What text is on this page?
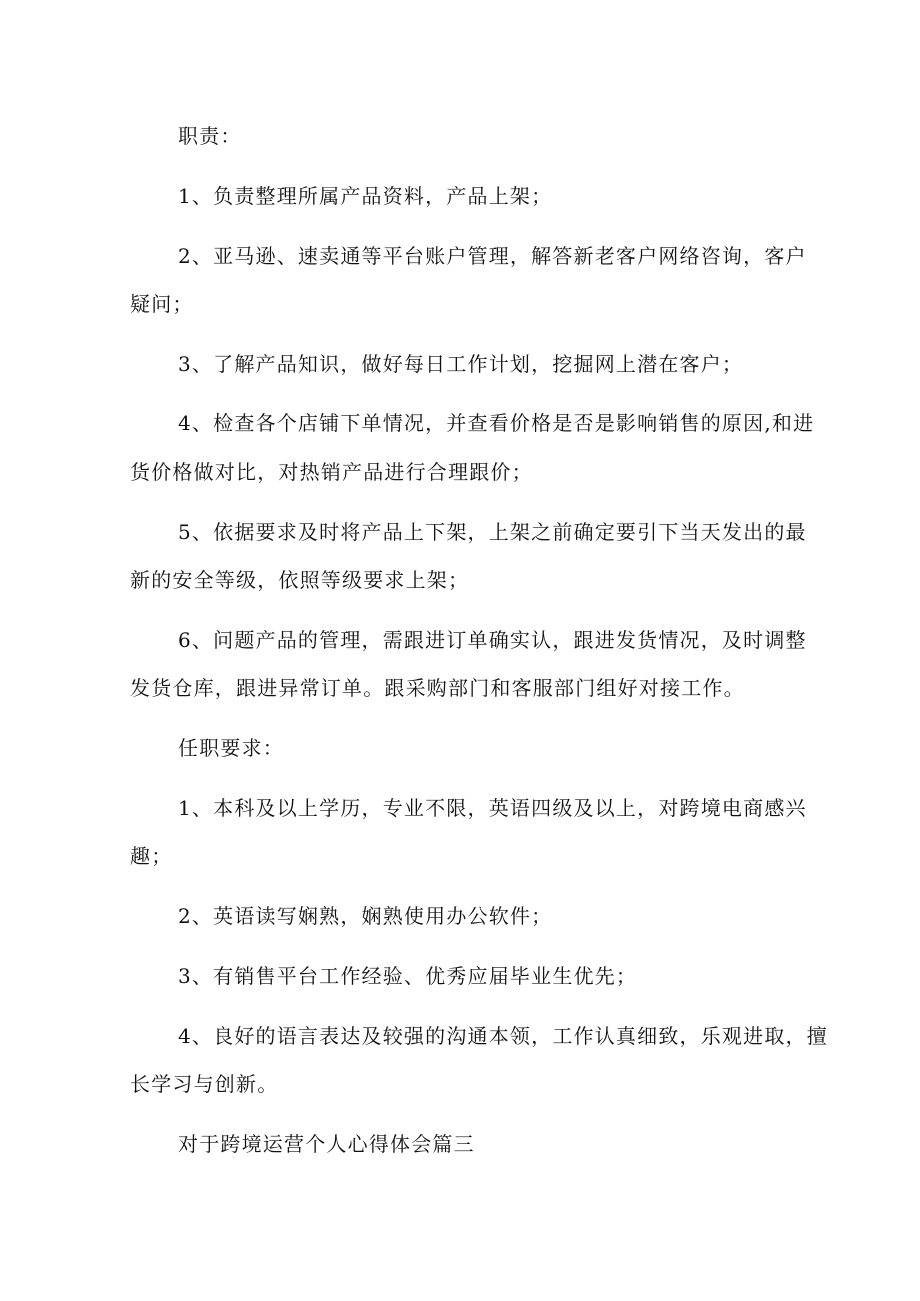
职责：
1、负责整理所属产品资料，产品上架；
2、亚马逊、速卖通等平台账户管理，解答新老客户网络咨询，客户
疑问；
3、了解产品知识，做好每日工作计划，挖掘网上潜在客户；
4、检查各个店铺下单情况，并查看价格是否是影响销售的原因,和进
货价格做对比，对热销产品进行合理跟价；
5、依据要求及时将产品上下架，上架之前确定要引下当天发出的最
新的安全等级，依照等级要求上架；
6、问题产品的管理，需跟进订单确实认，跟进发货情况，及时调整
发货仓库，跟进异常订单。跟采购部门和客服部门组好对接工作。
任职要求：
1、本科及以上学历，专业不限，英语四级及以上，对跨境电商感兴
趣；
2、英语读写娴熟，娴熟使用办公软件；
3、有销售平台工作经验、优秀应届毕业生优先；
4、良好的语言表达及较强的沟通本领，工作认真细致，乐观进取，擅
长学习与创新。
对于跨境运营个人心得体会篇三
